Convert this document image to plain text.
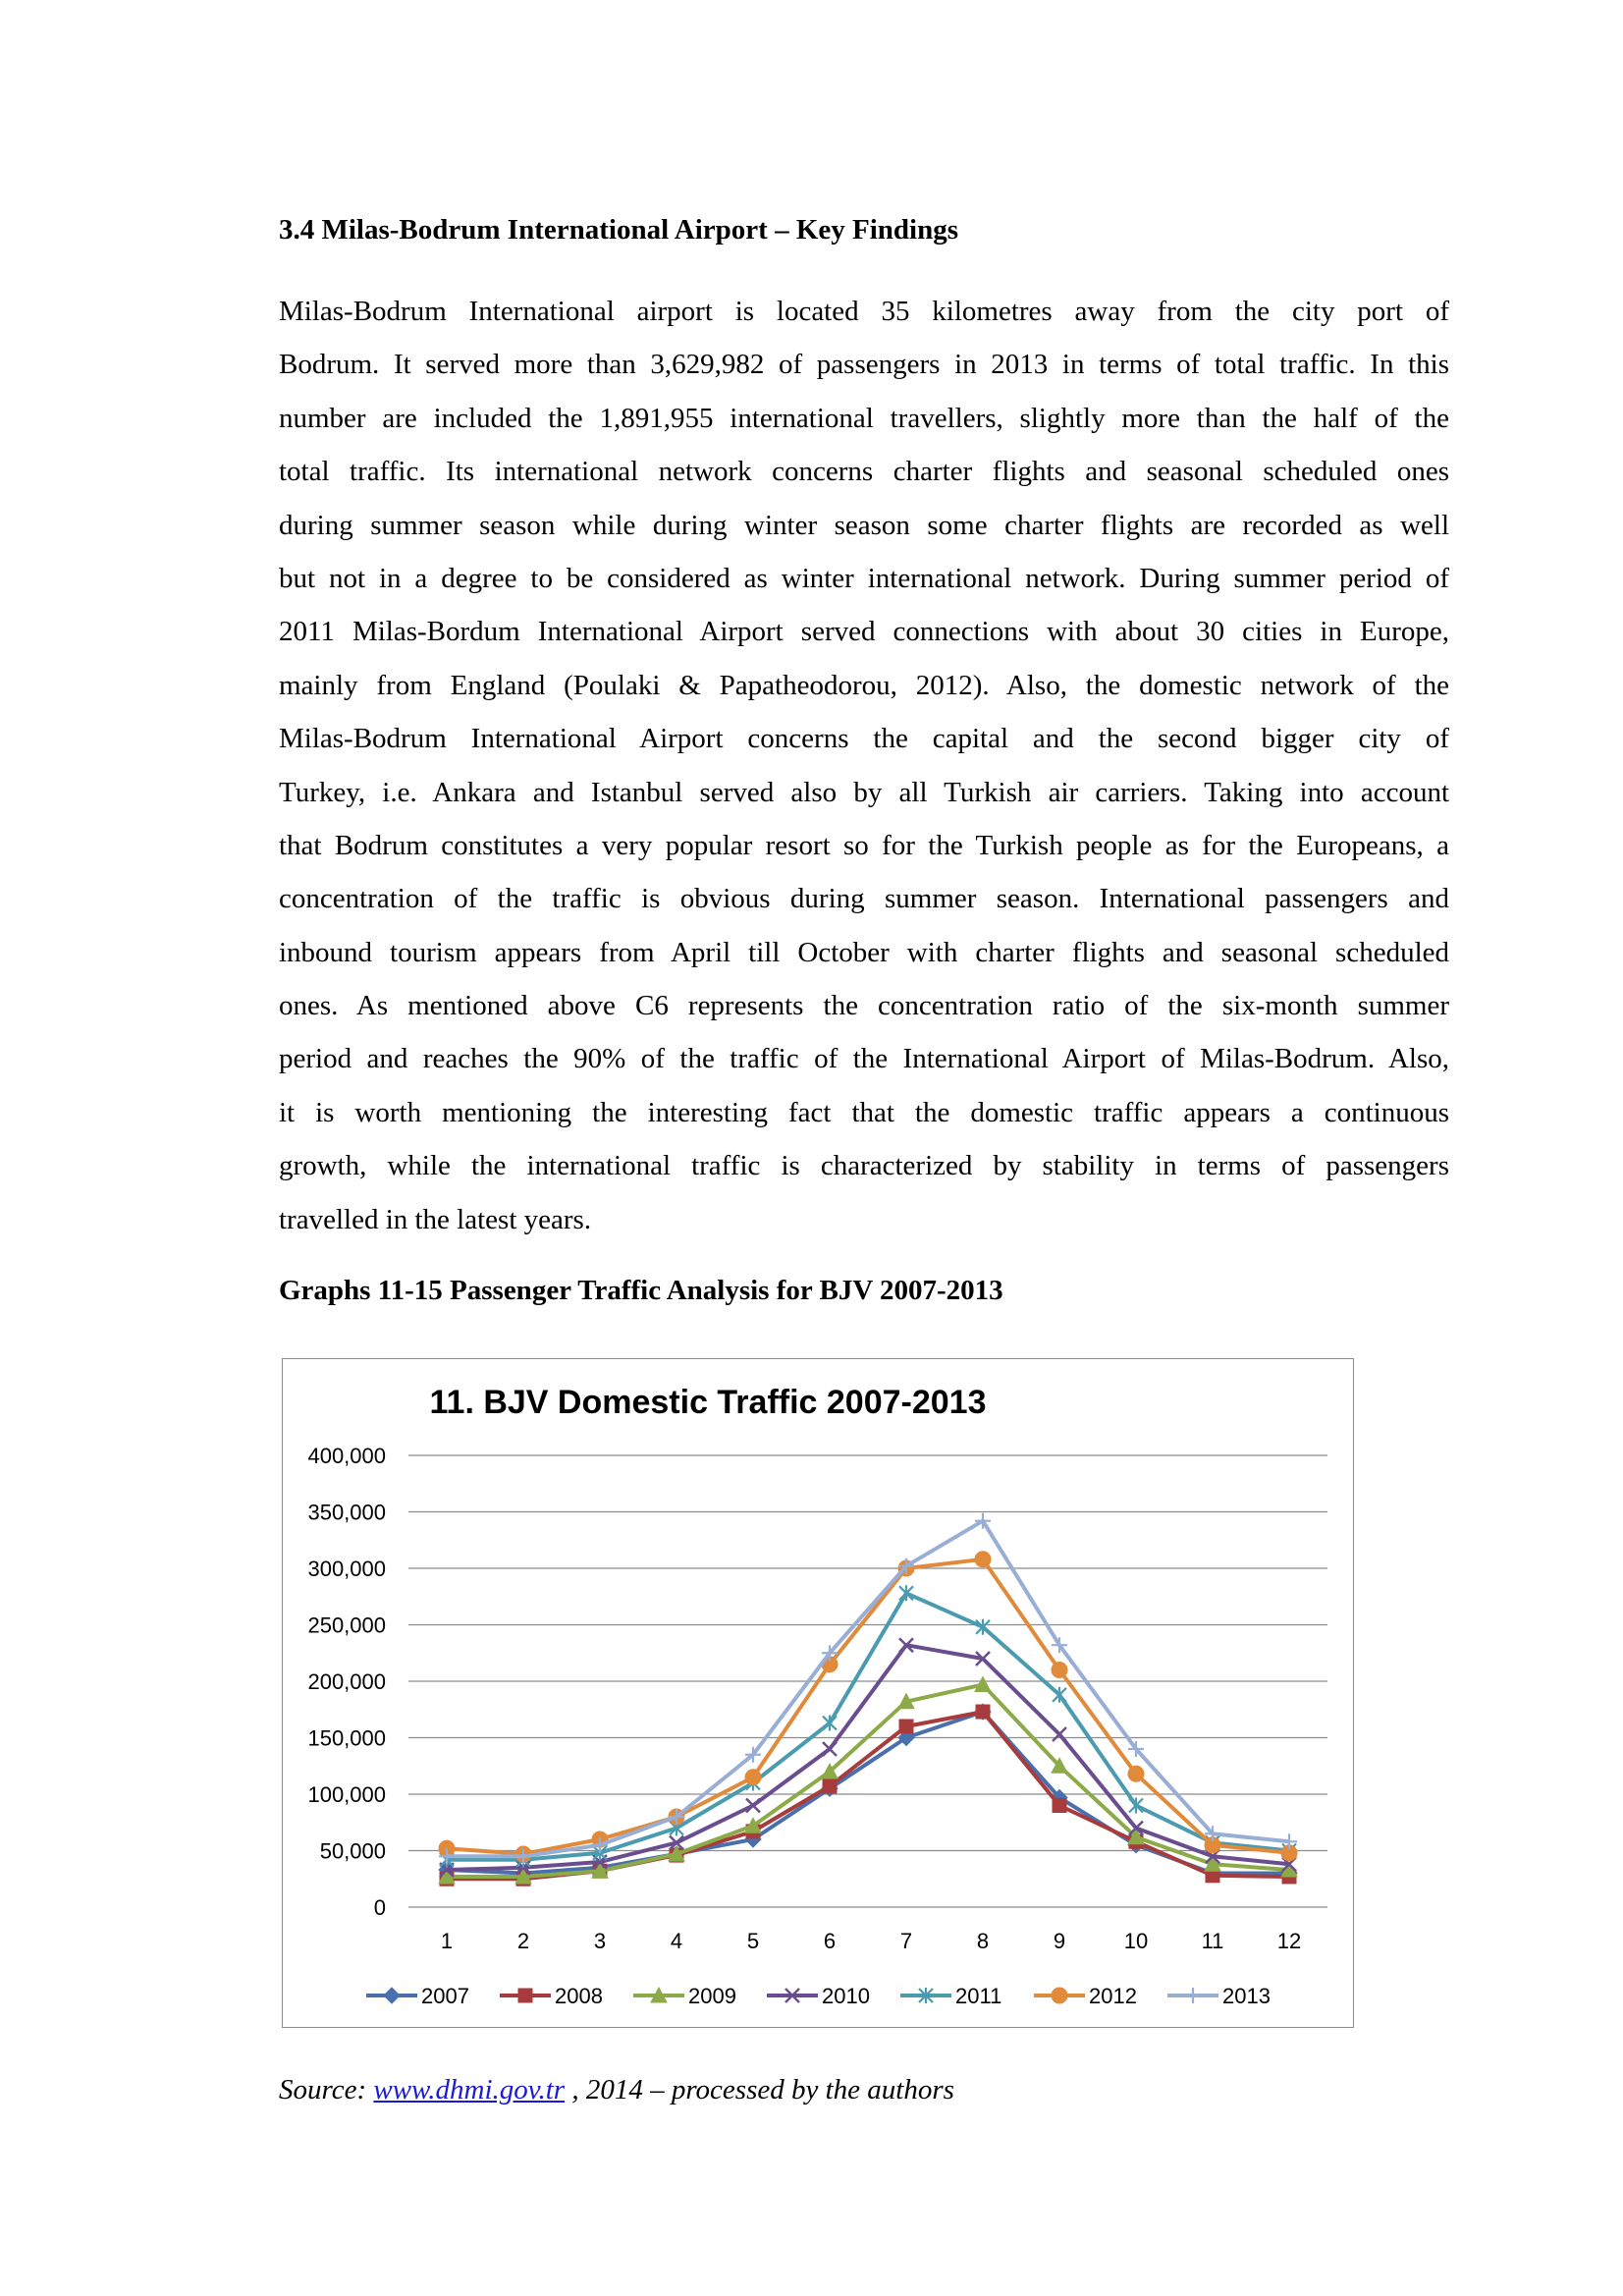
3.4 Milas-Bodrum International Airport – Key Findings
Milas-Bodrum International airport is located 35 kilometres away from the city port of
Bodrum. It served more than 3,629,982 of passengers in 2013 in terms of total traffic. In this
number are included the 1,891,955 international travellers, slightly more than the half of the
total traffic. Its international network concerns charter flights and seasonal scheduled ones
during summer season while during winter season some charter flights are recorded as well
but not in a degree to be considered as winter international network. During summer period of
2011 Milas-Bordum International Airport served connections with about 30 cities in Europe,
mainly from England (Poulaki & Papatheodorou, 2012). Also, the domestic network of the
Milas-Bodrum International Airport concerns the capital and the second bigger city of
Turkey, i.e. Ankara and Istanbul served also by all Turkish air carriers. Taking into account
that Bodrum constitutes a very popular resort so for the Turkish people as for the Europeans, a
concentration of the traffic is obvious during summer season. International passengers and
inbound tourism appears from April till October with charter flights and seasonal scheduled
ones. As mentioned above C6 represents the concentration ratio of the six-month summer
period and reaches the 90% of the traffic of the International Airport of Milas-Bodrum. Also,
it is worth mentioning the interesting fact that the domestic traffic appears a continuous
growth, while the international traffic is characterized by stability in terms of passengers
travelled in the latest years.
Graphs 11-15 Passenger Traffic Analysis for BJV 2007-2013
11. BJV Domestic Traffic 2007-2013
0
50,000
100,000
150,000
200,000
250,000
300,000
350,000
400,000
1	2	3	4	5	6	7	8	9	10 11 12
2007	2008	2009	2010	2011	2012	2013
Source: www.dhmi.gov.tr , 2014 – processed by the authors
